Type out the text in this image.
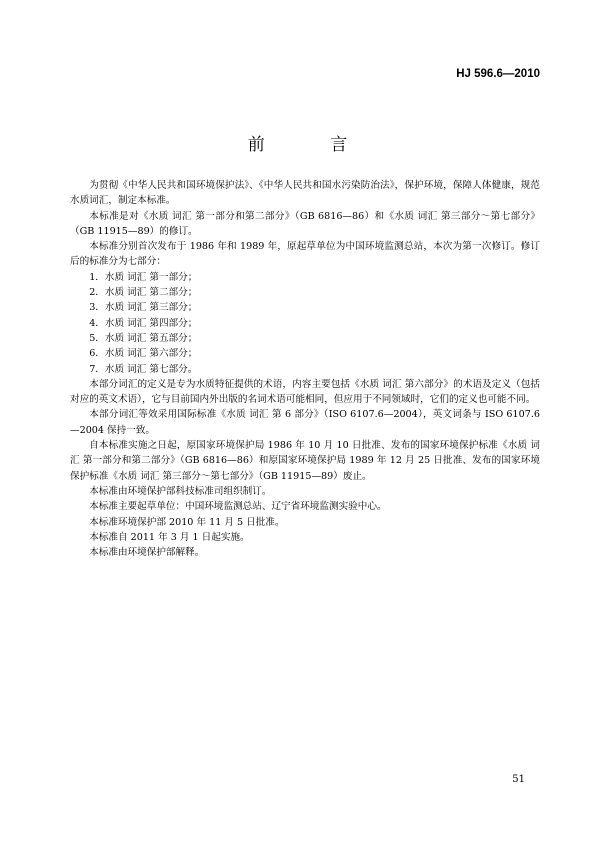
HJ 596.6—2010
前 言

为贯彻《中华人民共和国环境保护法》、《中华人民共和国水污染防治法》，保护环境，保障人体健康，规范水质词汇，制定本标准。

本标准是对《水质 词汇 第一部分和第二部分》（GB 6816—86）和《水质 词汇 第三部分～第七部分》（GB 11915—89）的修订。

本标准分别首次发布于 1986 年和 1989 年，原起草单位为中国环境监测总站，本次为第一次修订。修订后的标准分为七部分：

1．水质 词汇 第一部分；

2．水质 词汇 第二部分；

3．水质 词汇 第三部分；

4．水质 词汇 第四部分；

5．水质 词汇 第五部分；

6．水质 词汇 第六部分；

7．水质 词汇 第七部分。

本部分词汇的定义是专为水质特征提供的术语，内容主要包括《水质 词汇 第六部分》的术语及定义（包括对应的英文术语），它与目前国内外出版的名词术语可能相同，但应用于不同领域时，它们的定义也可能不同。

本部分词汇等效采用国际标准《水质 词汇 第 6 部分》（ISO 6107.6—2004），英文词条与 ISO 6107.6—2004 保持一致。

自本标准实施之日起，原国家环境保护局 1986 年 10 月 10 日批准、发布的国家环境保护标准《水质 词汇 第一部分和第二部分》（GB 6816—86）和原国家环境保护局 1989 年 12 月 25 日批准、发布的国家环境保护标准《水质 词汇 第三部分～第七部分》（GB 11915—89）废止。

本标准由环境保护部科技标准司组织制订。

本标准主要起草单位：中国环境监测总站、辽宁省环境监测实验中心。

本标准环境保护部 2010 年 11 月 5 日批准。

本标准自 2011 年 3 月 1 日起实施。

本标准由环境保护部解释。

51
